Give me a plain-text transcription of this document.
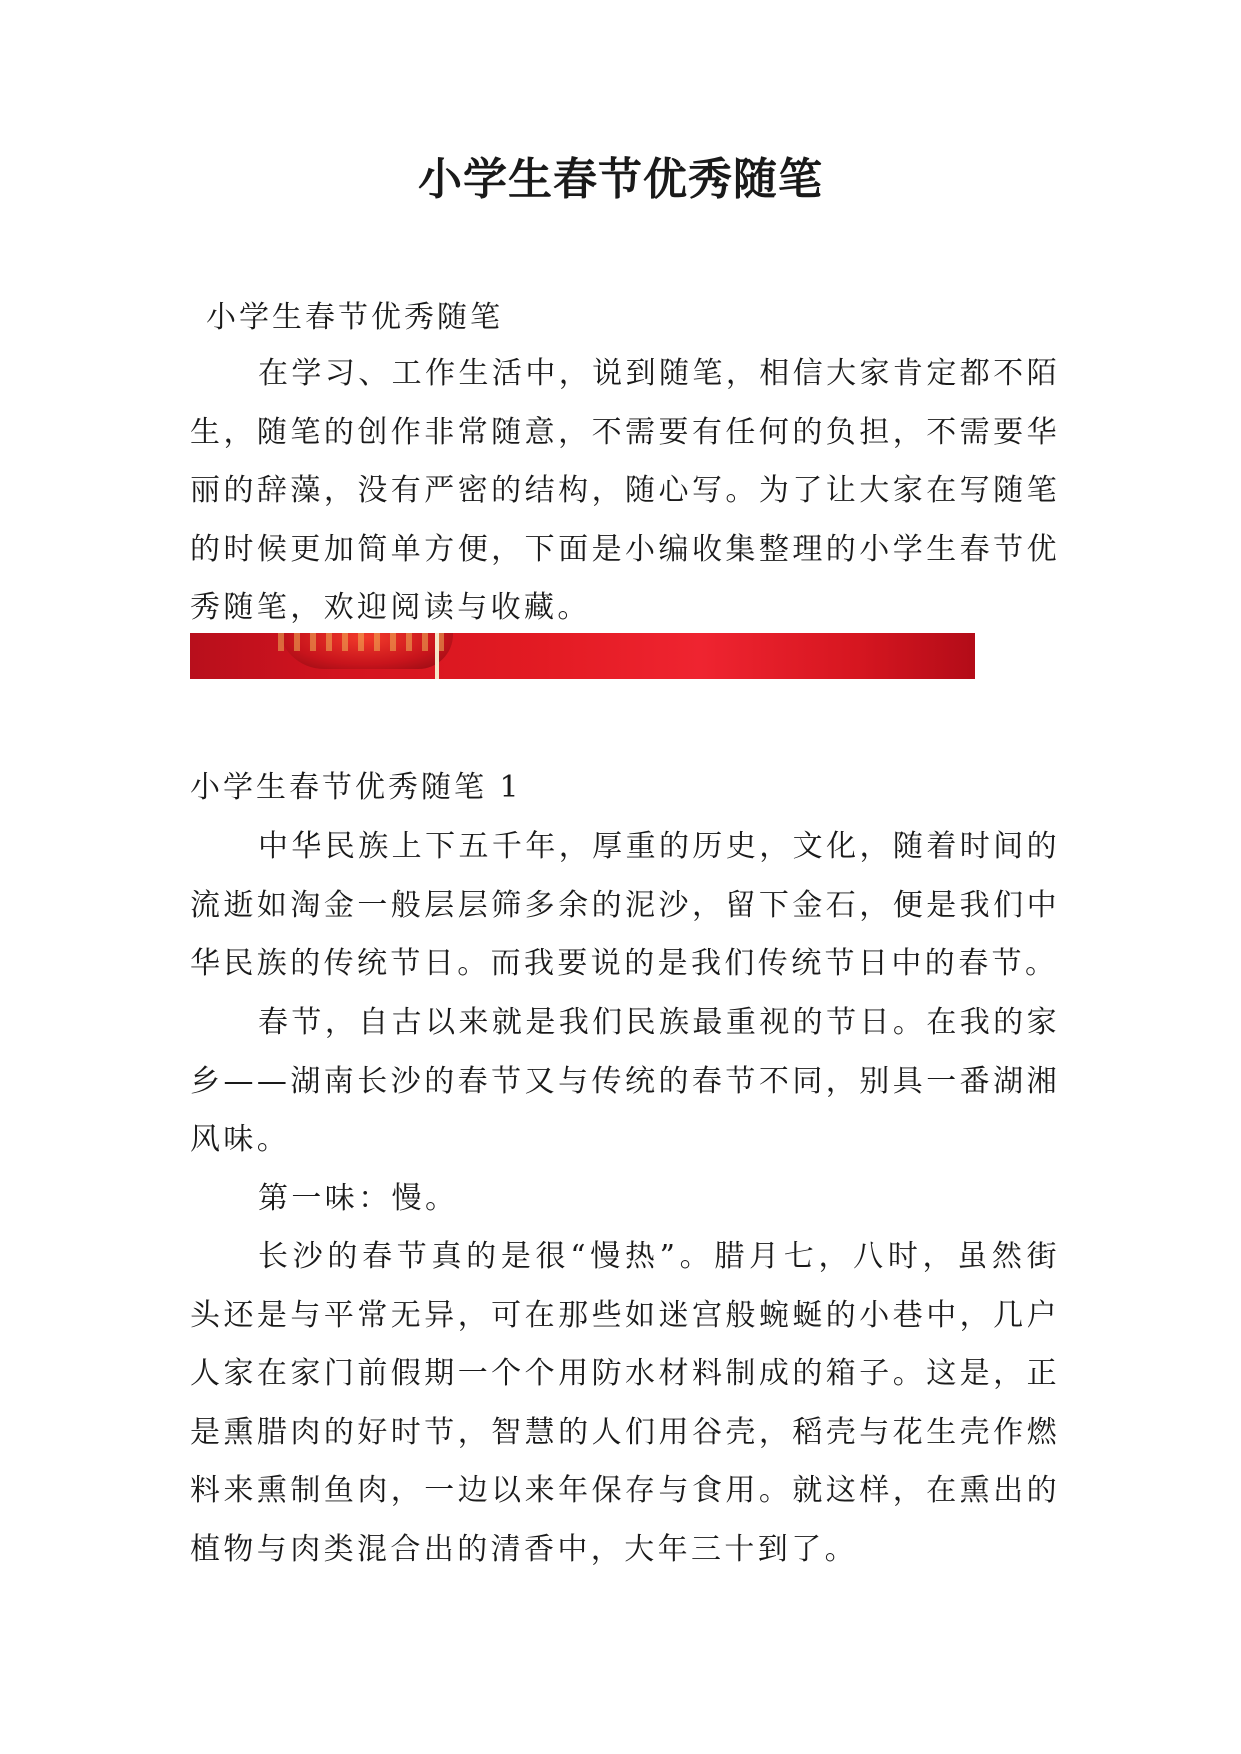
小学生春节优秀随笔

小学生春节优秀随笔

在学习、工作生活中，说到随笔，相信大家肯定都不陌生，随笔的创作非常随意，不需要有任何的负担，不需要华丽的辞藻，没有严密的结构，随心写。为了让大家在写随笔的时候更加简单方便，下面是小编收集整理的小学生春节优秀随笔，欢迎阅读与收藏。

小学生春节优秀随笔 1

中华民族上下五千年，厚重的历史，文化，随着时间的流逝如淘金一般层层筛多余的泥沙，留下金石，便是我们中华民族的传统节日。而我要说的是我们传统节日中的春节。

春节，自古以来就是我们民族最重视的节日。在我的家乡——湖南长沙的春节又与传统的春节不同，别具一番湖湘风味。

第一味：慢。

长沙的春节真的是很“慢热”。腊月七，八时，虽然街头还是与平常无异，可在那些如迷宫般蜿蜒的小巷中，几户人家在家门前假期一个个用防水材料制成的箱子。这是，正是熏腊肉的好时节，智慧的人们用谷壳，稻壳与花生壳作燃料来熏制鱼肉，一边以来年保存与食用。就这样，在熏出的植物与肉类混合出的清香中，大年三十到了。
